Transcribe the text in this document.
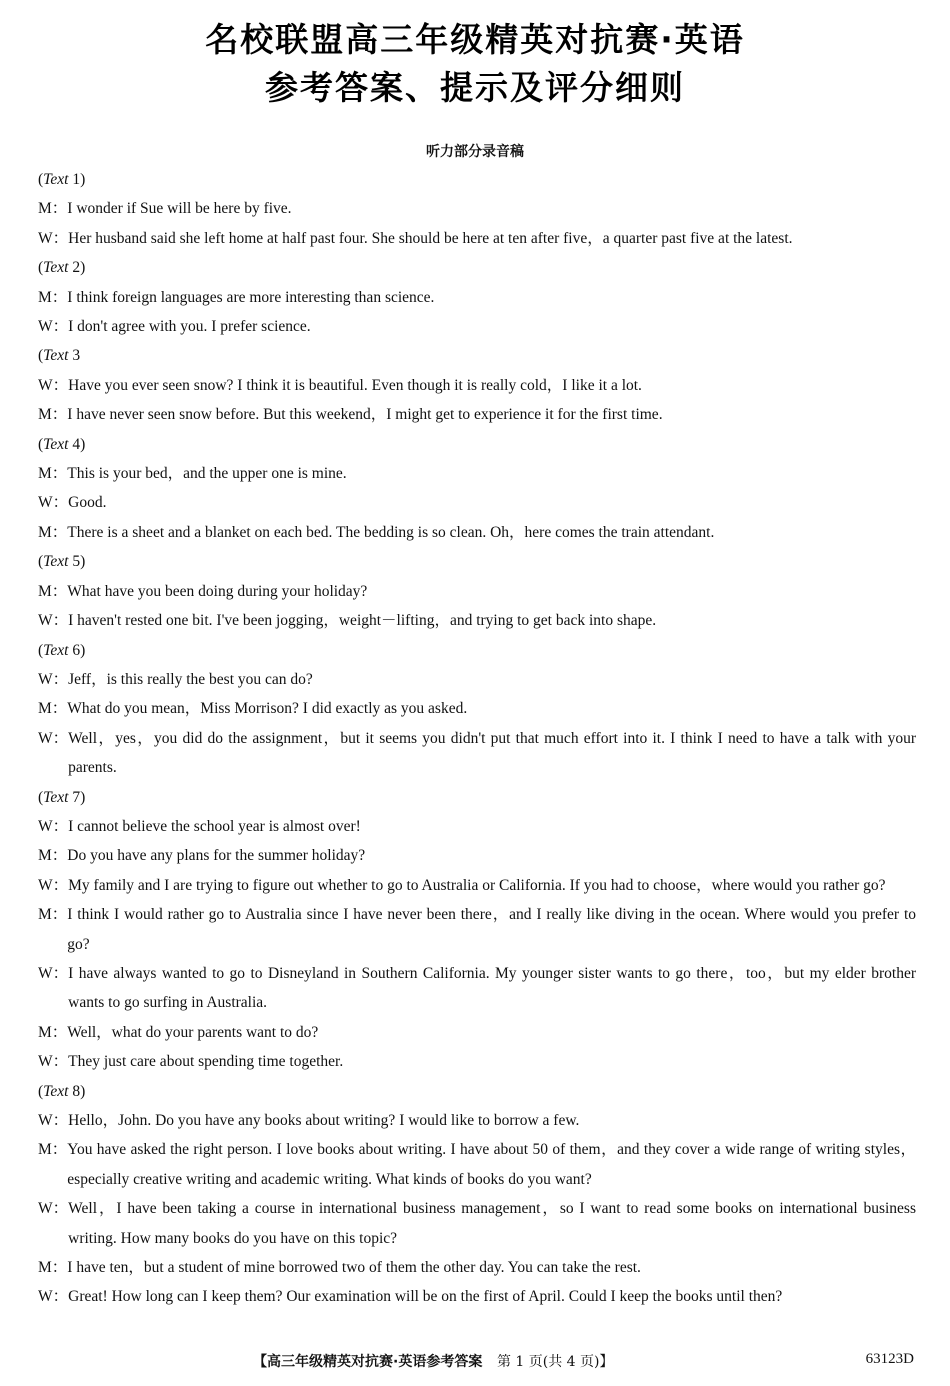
名校联盟高三年级精英对抗赛·英语
参考答案、提示及评分细则
听力部分录音稿
(Text 1)
M： I wonder if Sue will be here by five.
W： Her husband said she left home at half past four. She should be here at ten after five，a quarter past five at the latest.
(Text 2)
M： I think foreign languages are more interesting than science.
W： I don't agree with you. I prefer science.
(Text 3
W： Have you ever seen snow? I think it is beautiful. Even though it is really cold，I like it a lot.
M： I have never seen snow before. But this weekend，I might get to experience it for the first time.
(Text 4)
M： This is your bed，and the upper one is mine.
W： Good.
M： There is a sheet and a blanket on each bed. The bedding is so clean. Oh，here comes the train attendant.
(Text 5)
M： What have you been doing during your holiday?
W： I haven't rested one bit. I've been jogging，weight－lifting，and trying to get back into shape.
(Text 6)
W： Jeff，is this really the best you can do?
M： What do you mean，Miss Morrison? I did exactly as you asked.
W： Well，yes，you did do the assignment，but it seems you didn't put that much effort into it. I think I need to have a talk with your parents.
(Text 7)
W： I cannot believe the school year is almost over!
M： Do you have any plans for the summer holiday?
W： My family and I are trying to figure out whether to go to Australia or California. If you had to choose，where would you rather go?
M： I think I would rather go to Australia since I have never been there，and I really like diving in the ocean. Where would you prefer to go?
W： I have always wanted to go to Disneyland in Southern California. My younger sister wants to go there，too，but my elder brother wants to go surfing in Australia.
M： Well，what do your parents want to do?
W： They just care about spending time together.
(Text 8)
W： Hello，John. Do you have any books about writing? I would like to borrow a few.
M： You have asked the right person. I love books about writing. I have about 50 of them，and they cover a wide range of writing styles，especially creative writing and academic writing. What kinds of books do you want?
W： Well，I have been taking a course in international business management，so I want to read some books on international business writing. How many books do you have on this topic?
M： I have ten，but a student of mine borrowed two of them the other day. You can take the rest.
W： Great! How long can I keep them? Our examination will be on the first of April. Could I keep the books until then?
【高三年级精英对抗赛·英语参考答案 第 1 页(共 4 页)】	63123D
